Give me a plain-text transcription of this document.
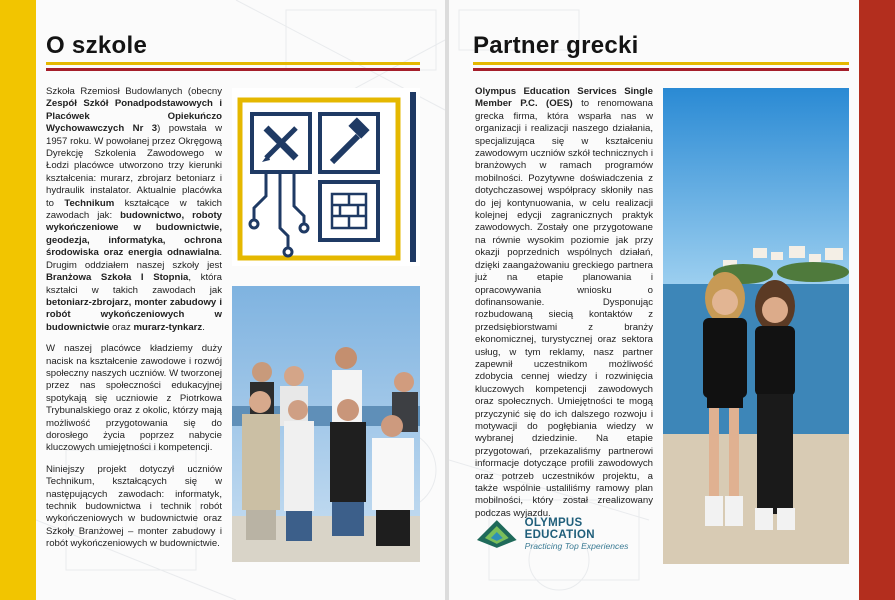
O szkole

Szkoła Rzemiosł Budowlanych (obecny Zespół Szkół Ponadpodstawowych i Placówek Opiekuńczo Wychowawczych Nr 3) powstała w 1957 roku. W powołanej przez Okręgową Dyrekcję Szkolenia Zawodowego w Łodzi placówce utworzono trzy kierunki kształcenia: murarz, zbrojarz betoniarz i hydraulik instalator. Aktualnie placówka to Technikum kształcące w takich zawodach jak: budownictwo, roboty wykończeniowe w budownictwie, geodezja, informatyka, ochrona środowiska oraz energia odnawialna. Drugim oddziałem naszej szkoły jest Branżowa Szkoła I Stopnia, która kształci w takich zawodach jak betoniarz-zbrojarz, monter zabudowy i robót wykończeniowych w budownictwie oraz murarz-tynkarz.

W naszej placówce kładziemy duży nacisk na kształcenie zawodowe i rozwój społeczny naszych uczniów. W tworzonej przez nas społeczności edukacyjnej spotykają się uczniowie z Piotrkowa Trybunalskiego oraz z okolic, którzy mają możliwość przygotowania się do dorosłego życia poprzez nabycie kluczowych umiejętności i kompetencji.

Niniejszy projekt dotyczył uczniów Technikum, kształcących się w następujących zawodach: informatyk, technik budownictwa i technik robót wykończeniowych w budownictwie oraz Szkoły Branżowej – monter zabudowy i robót wykończeniowych w budownictwie.

Partner grecki

Olympus Education Services Single Member P.C. (OES) to renomowana grecka firma, która wsparła nas w organizacji i realizacji naszego działania, specjalizująca się w kształceniu zawodowym uczniów szkół technicznych i branżowych w ramach programów mobilności. Pozytywne doświadczenia z dotychczasowej współpracy skłoniły nas do jej kontynuowania, w celu realizacji kolejnej edycji zagranicznych praktyk zawodowych. Zostały one przygotowane na równie wysokim poziomie jak przy okazji poprzednich wspólnych działań, dzięki zaangażowaniu greckiego partnera już na etapie planowania i opracowywania wniosku o dofinansowanie. Dysponując rozbudowaną siecią kontaktów z przedsiębiorstwami z branży ekonomicznej, turystycznej oraz sektora usług, w tym reklamy, nasz partner zapewnił uczestnikom możliwość zdobycia cennej wiedzy i rozwinięcia kluczowych kompetencji zawodowych oraz społecznych. Umiejętności te mogą przyczynić się do ich dalszego rozwoju i motywacji do pogłębiania wiedzy w wybranej dziedzinie. Na etapie przygotowań, przekazaliśmy partnerowi informacje dotyczące profili zawodowych oraz potrzeb uczestników projektu, a także wspólnie ustaliliśmy ramowy plan mobilności, który został zrealizowany podczas wyjazdu.

OLYMPUS EDUCATION
Practicing Top Experiences
